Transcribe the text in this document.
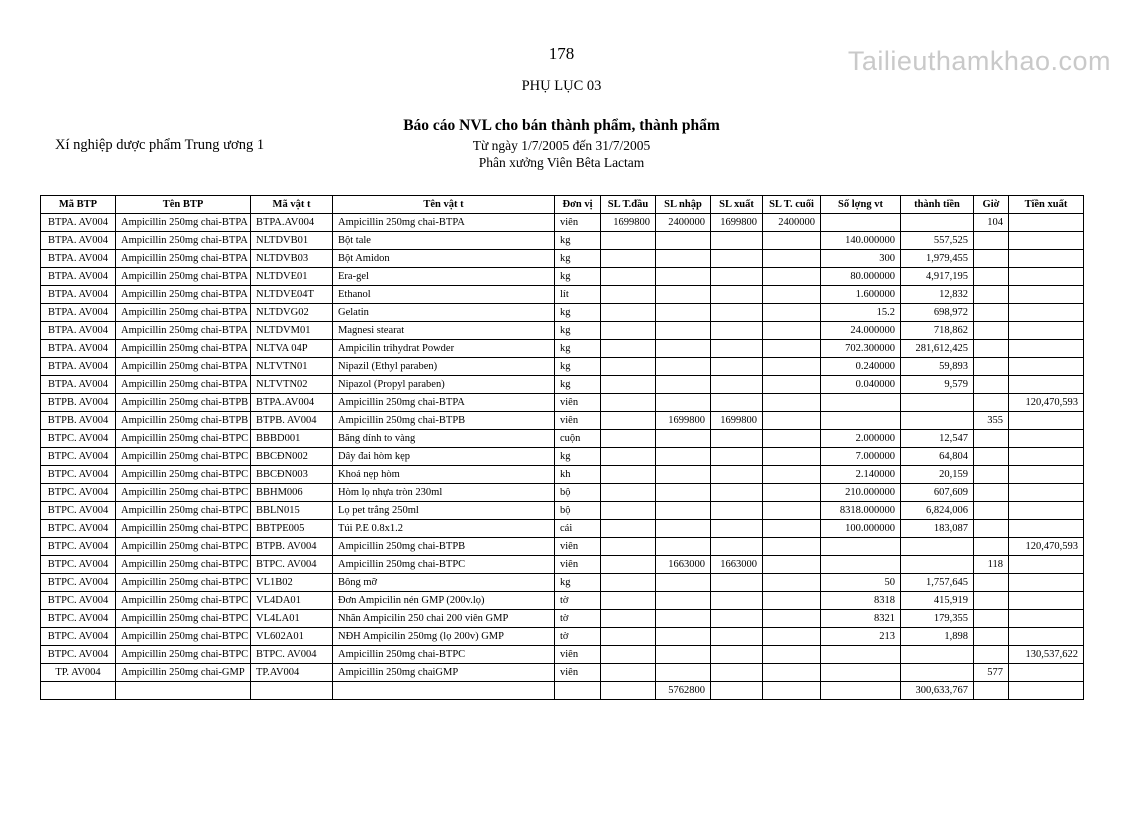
Tailieuthamkhao.com
178
PHỤ LỤC 03
Xí nghiệp dược phẩm Trung ương 1
Báo cáo NVL cho bán thành phẩm, thành phẩm
Từ ngày 1/7/2005 đến 31/7/2005
Phân xưởng Viên Bêta Lactam
Mã BTP	Tên BTP	Mã vật t	Tên vật t	Đơn vị	SL T.đầu	SL nhập	SL xuất	SL T. cuối	Số lợng vt	thành tiền	Giờ	Tiền xuất
BTPA. AV004	Ampicillin 250mg chai-BTPA	BTPA.AV004	Ampicillin 250mg chai-BTPA	viên	1699800	2400000	1699800	2400000			104	
BTPA. AV004	Ampicillin 250mg chai-BTPA	NLTDVB01	Bột tale	kg					140.000000	557,525		
BTPA. AV004	Ampicillin 250mg chai-BTPA	NLTDVB03	Bột Amidon	kg					300	1,979,455		
BTPA. AV004	Ampicillin 250mg chai-BTPA	NLTDVE01	Era-gel	kg					80.000000	4,917,195		
BTPA. AV004	Ampicillin 250mg chai-BTPA	NLTDVE04T	Ethanol	lít					1.600000	12,832		
BTPA. AV004	Ampicillin 250mg chai-BTPA	NLTDVG02	Gelatin	kg					15.2	698,972		
BTPA. AV004	Ampicillin 250mg chai-BTPA	NLTDVM01	Magnesi stearat	kg					24.000000	718,862		
BTPA. AV004	Ampicillin 250mg chai-BTPA	NLTVA 04P	Ampicilin trihydrat Powder	kg					702.300000	281,612,425		
BTPA. AV004	Ampicillin 250mg chai-BTPA	NLTVTN01	Nipazil (Ethyl paraben)	kg					0.240000	59,893		
BTPA. AV004	Ampicillin 250mg chai-BTPA	NLTVTN02	Nipazol (Propyl paraben)	kg					0.040000	9,579		
BTPB. AV004	Ampicillin 250mg chai-BTPB	BTPA.AV004	Ampicillin 250mg chai-BTPA	viên								120,470,593
BTPB. AV004	Ampicillin 250mg chai-BTPB	BTPB. AV004	Ampicillin 250mg chai-BTPB	viên		1699800	1699800				355	
BTPC. AV004	Ampicillin 250mg chai-BTPC	BBBD001	Băng dính to vàng	cuộn					2.000000	12,547		
BTPC. AV004	Ampicillin 250mg chai-BTPC	BBCĐN002	Dây đai hòm kẹp	kg					7.000000	64,804		
BTPC. AV004	Ampicillin 250mg chai-BTPC	BBCĐN003	Khoá nẹp hòm	kh					2.140000	20,159		
BTPC. AV004	Ampicillin 250mg chai-BTPC	BBHM006	Hòm lọ nhựa tròn 230ml	bộ					210.000000	607,609		
BTPC. AV004	Ampicillin 250mg chai-BTPC	BBLN015	Lọ pet trắng 250ml	bộ					8318.000000	6,824,006		
BTPC. AV004	Ampicillin 250mg chai-BTPC	BBTPE005	Túi P.E 0.8x1.2	cái					100.000000	183,087		
BTPC. AV004	Ampicillin 250mg chai-BTPC	BTPB. AV004	Ampicillin 250mg chai-BTPB	viên								120,470,593
BTPC. AV004	Ampicillin 250mg chai-BTPC	BTPC. AV004	Ampicillin 250mg chai-BTPC	viên		1663000	1663000				118	
BTPC. AV004	Ampicillin 250mg chai-BTPC	VL1B02	Bông mỡ	kg					50	1,757,645		
BTPC. AV004	Ampicillin 250mg chai-BTPC	VL4DA01	Đơn Ampicilin nén GMP (200v.lọ)	tờ					8318	415,919		
BTPC. AV004	Ampicillin 250mg chai-BTPC	VL4LA01	Nhãn Ampicilin 250 chai 200 viên GMP	tờ					8321	179,355		
BTPC. AV004	Ampicillin 250mg chai-BTPC	VL602A01	NĐH Ampicilin 250mg (lọ 200v) GMP	tờ					213	1,898		
BTPC. AV004	Ampicillin 250mg chai-BTPC	BTPC. AV004	Ampicillin 250mg chai-BTPC	viên								130,537,622
TP. AV004	Ampicillin 250mg chai-GMP	TP.AV004	Ampicillin 250mg chaiGMP	viên							577	
						5762800				300,633,767		
